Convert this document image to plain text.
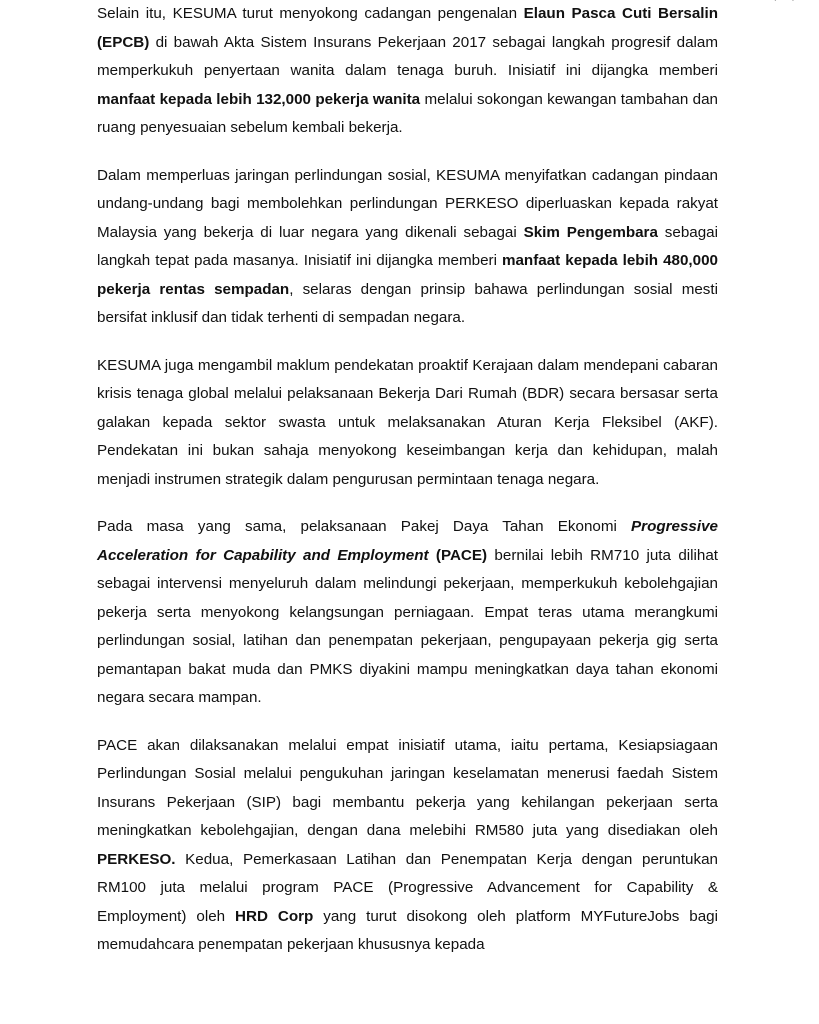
Selain itu, KESUMA turut menyokong cadangan pengenalan Elaun Pasca Cuti Bersalin (EPCB) di bawah Akta Sistem Insurans Pekerjaan 2017 sebagai langkah progresif dalam memperkukuh penyertaan wanita dalam tenaga buruh. Inisiatif ini dijangka memberi manfaat kepada lebih 132,000 pekerja wanita melalui sokongan kewangan tambahan dan ruang penyesuaian sebelum kembali bekerja.

Dalam memperluas jaringan perlindungan sosial, KESUMA menyifatkan cadangan pindaan undang-undang bagi membolehkan perlindungan PERKESO diperluaskan kepada rakyat Malaysia yang bekerja di luar negara yang dikenali sebagai Skim Pengembara sebagai langkah tepat pada masanya. Inisiatif ini dijangka memberi manfaat kepada lebih 480,000 pekerja rentas sempadan, selaras dengan prinsip bahawa perlindungan sosial mesti bersifat inklusif dan tidak terhenti di sempadan negara.

KESUMA juga mengambil maklum pendekatan proaktif Kerajaan dalam mendepani cabaran krisis tenaga global melalui pelaksanaan Bekerja Dari Rumah (BDR) secara bersasar serta galakan kepada sektor swasta untuk melaksanakan Aturan Kerja Fleksibel (AKF). Pendekatan ini bukan sahaja menyokong keseimbangan kerja dan kehidupan, malah menjadi instrumen strategik dalam pengurusan permintaan tenaga negara.

Pada masa yang sama, pelaksanaan Pakej Daya Tahan Ekonomi Progressive Acceleration for Capability and Employment (PACE) bernilai lebih RM710 juta dilihat sebagai intervensi menyeluruh dalam melindungi pekerjaan, memperkukuh kebolehgajian pekerja serta menyokong kelangsungan perniagaan. Empat teras utama merangkumi perlindungan sosial, latihan dan penempatan pekerjaan, pengupayaan pekerja gig serta pemantapan bakat muda dan PMKS diyakini mampu meningkatkan daya tahan ekonomi negara secara mampan.

PACE akan dilaksanakan melalui empat inisiatif utama, iaitu pertama, Kesiapsiagaan Perlindungan Sosial melalui pengukuhan jaringan keselamatan menerusi faedah Sistem Insurans Pekerjaan (SIP) bagi membantu pekerja yang kehilangan pekerjaan serta meningkatkan kebolehgajian, dengan dana melebihi RM580 juta yang disediakan oleh PERKESO. Kedua, Pemerkasaan Latihan dan Penempatan Kerja dengan peruntukan RM100 juta melalui program PACE (Progressive Advancement for Capability & Employment) oleh HRD Corp yang turut disokong oleh platform MYFutureJobs bagi memudahcara penempatan pekerjaan khususnya kepada
